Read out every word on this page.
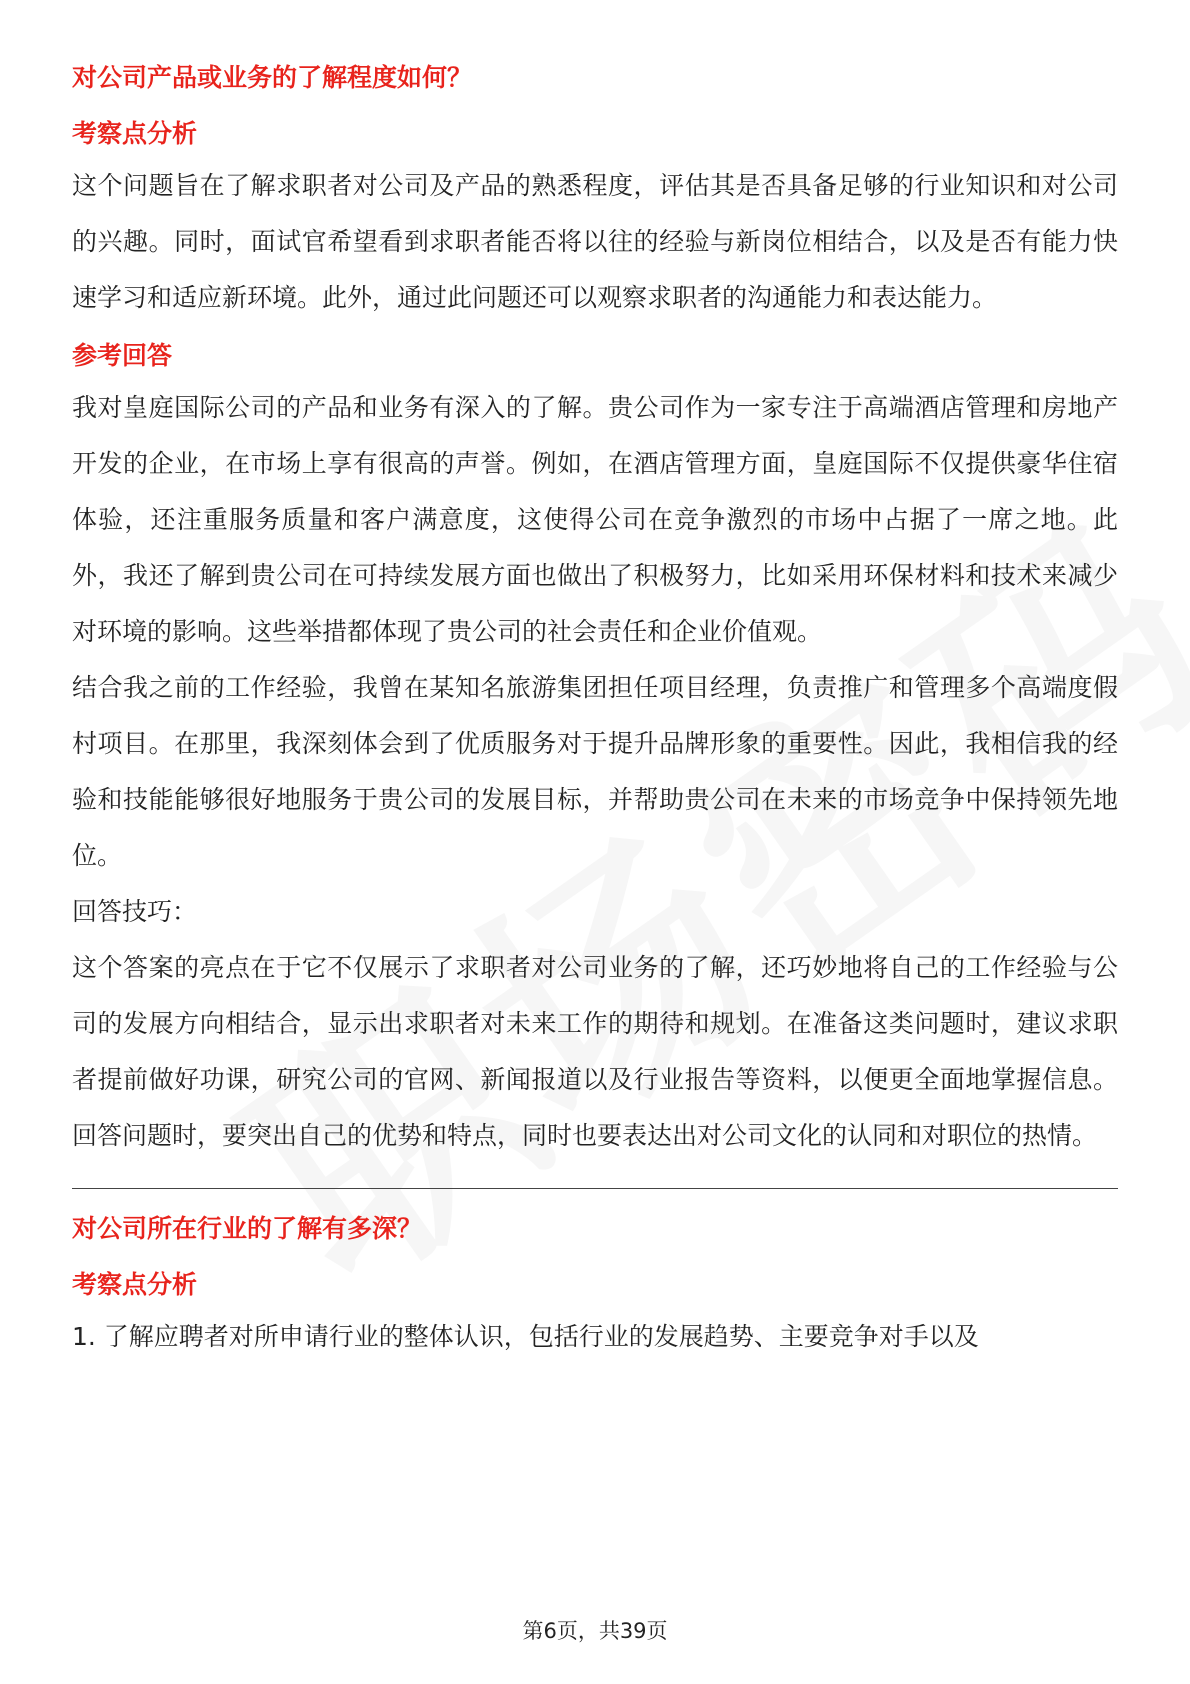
对公司产品或业务的了解程度如何？
考察点分析

这个问题旨在了解求职者对公司及产品的熟悉程度，评估其是否具备足够的行业知识和对公司的兴趣。同时，面试官希望看到求职者能否将以往的经验与新岗位相结合，以及是否有能力快速学习和适应新环境。此外，通过此问题还可以观察求职者的沟通能力和表达能力。

参考回答

我对皇庭国际公司的产品和业务有深入的了解。贵公司作为一家专注于高端酒店管理和房地产开发的企业，在市场上享有很高的声誉。例如，在酒店管理方面，皇庭国际不仅提供豪华住宿体验，还注重服务质量和客户满意度，这使得公司在竞争激烈的市场中占据了一席之地。此外，我还了解到贵公司在可持续发展方面也做出了积极努力，比如采用环保材料和技术来减少对环境的影响。这些举措都体现了贵公司的社会责任和企业价值观。

结合我之前的工作经验，我曾在某知名旅游集团担任项目经理，负责推广和管理多个高端度假村项目。在那里，我深刻体会到了优质服务对于提升品牌形象的重要性。因此，我相信我的经验和技能能够很好地服务于贵公司的发展目标，并帮助贵公司在未来的市场竞争中保持领先地位。

回答技巧：

这个答案的亮点在于它不仅展示了求职者对公司业务的了解，还巧妙地将自己的工作经验与公司的发展方向相结合，显示出求职者对未来工作的期待和规划。在准备这类问题时，建议求职者提前做好功课，研究公司的官网、新闻报道以及行业报告等资料，以便更全面地掌握信息。回答问题时，要突出自己的优势和特点，同时也要表达出对公司文化的认同和对职位的热情。

对公司所在行业的了解有多深？
考察点分析

1. 了解应聘者对所申请行业的整体认识，包括行业的发展趋势、主要竞争对手以及

第6页，共39页
